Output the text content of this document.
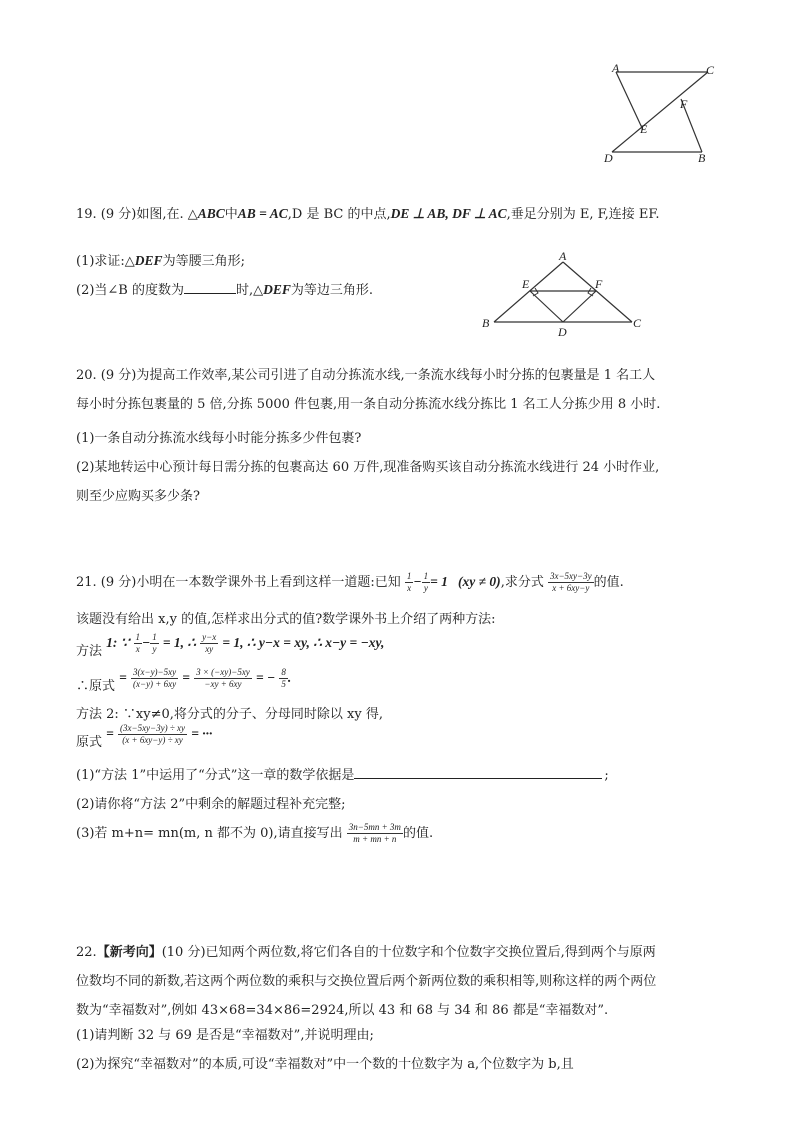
A	C
F
E
D	B
19. (9 分)如图,在. △ABC中AB = AC,D 是 BC 的中点,DE ⊥ AB, DF ⊥ AC,垂足分别为 E, F,连接 EF.
(1)求证:△DEF为等腰三角形;
(2)当∠B 的度数为	时,△DEF为等边三角形.
A
E	F
B
D
C
20. (9 分)为提高工作效率,某公司引进了自动分拣流水线,一条流水线每小时分拣的包裹量是 1 名工人
每小时分拣包裹量的 5 倍,分拣 5000 件包裹,用一条自动分拣流水线分拣比 1 名工人分拣少用 8 小时.
(1)一条自动分拣流水线每小时能分拣多少件包裹?
(2)某地转运中心预计每日需分拣的包裹高达 60 万件,现准备购买该自动分拣流水线进行 24 小时作业,
则至少应购买多少条?
21. (9 分)小明在一本数学课外书上看到这样一道题:已知 $\frac{1}{x} - \frac{1}{y} = 1$ (xy ≠ 0),求分式 $\frac{3x-5xy-3y}{x + 6xy-y}$ 的值.
该题没有给出 x,y 的值,怎样求出分式的值?数学课外书上介绍了两种方法:
方法 1: ∵ $\frac{1}{x} - \frac{1}{y} = 1$, ∴ $\frac{y-x}{xy} = 1$, ∴ y−x = xy, ∴ x−y = −xy,
∴原式 = $\frac{3(x-y)-5xy}{(x-y) + 6xy} = \frac{3 \times (-xy)-5xy}{-xy + 6xy}$ = − $\frac{8}{5}$ .
方法 2: ∵xy≠0,将分式的分子、分母同时除以 xy 得,
原式 = $\frac{(3x-5xy-3y) \div xy}{(x + 6xy-y) \div xy}$ = ···
(1)“方法 1”中运用了“分式”这一章的数学依据是	;
(2)请你将“方法 2”中剩余的解题过程补充完整;
(3)若 m+n= mn(m, n 都不为 0),请直接写出 $\frac{3n-5mn + 3m}{m + mn + n}$ 的值.
22.【新考向】(10 分)已知两个两位数,将它们各自的十位数字和个位数字交换位置后,得到两个与原两
位数均不同的新数,若这两个两位数的乘积与交换位置后两个新两位数的乘积相等,则称这样的两个两位
数为“幸福数对”,例如 43×68=34×86=2924,所以 43 和 68 与 34 和 86 都是“幸福数对”.
(1)请判断 32 与 69 是否是“幸福数对”,并说明理由;
(2)为探究“幸福数对”的本质,可设“幸福数对”中一个数的十位数字为 a,个位数字为 b,且
